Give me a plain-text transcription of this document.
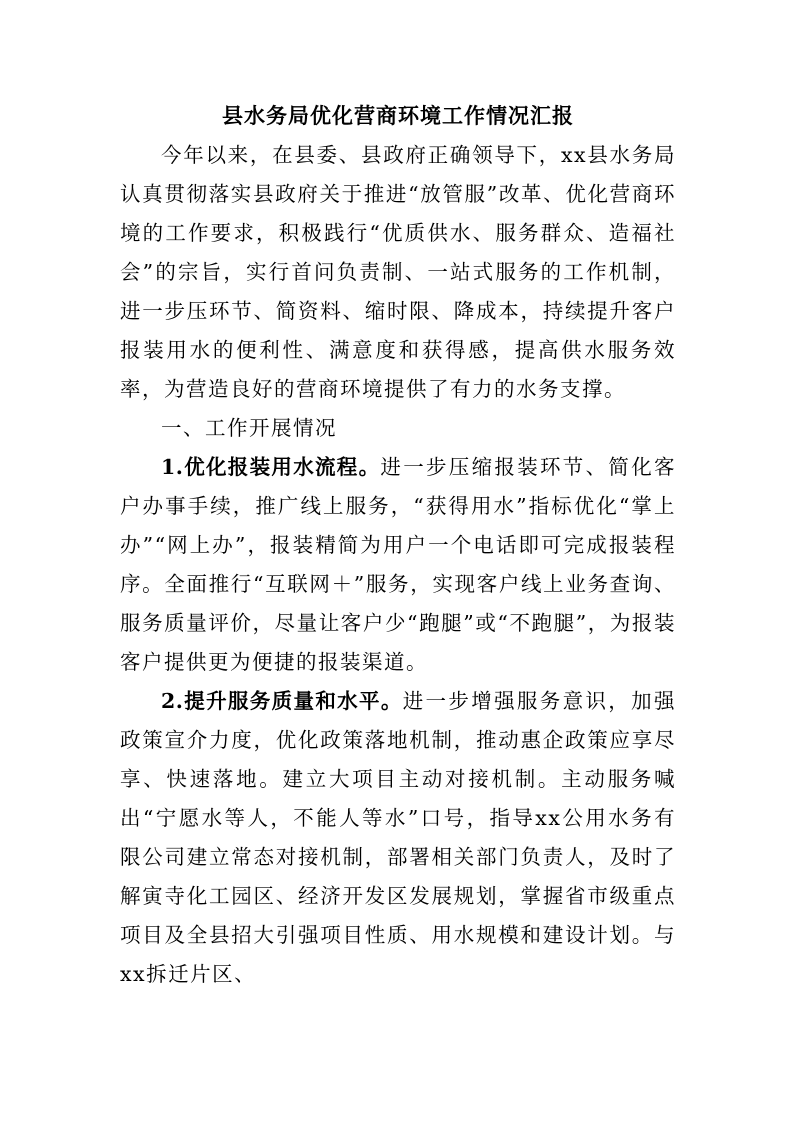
县水务局优化营商环境工作情况汇报

今年以来，在县委、县政府正确领导下，xx县水务局认真贯彻落实县政府关于推进“放管服”改革、优化营商环境的工作要求，积极践行“优质供水、服务群众、造福社会”的宗旨，实行首问负责制、一站式服务的工作机制，进一步压环节、简资料、缩时限、降成本，持续提升客户报装用水的便利性、满意度和获得感，提高供水服务效率，为营造良好的营商环境提供了有力的水务支撑。

一、工作开展情况

1.优化报装用水流程。进一步压缩报装环节、简化客户办事手续，推广线上服务，“获得用水”指标优化“掌上办”“网上办”，报装精简为用户一个电话即可完成报装程序。全面推行“互联网＋”服务，实现客户线上业务查询、服务质量评价，尽量让客户少“跑腿”或“不跑腿”，为报装客户提供更为便捷的报装渠道。

2.提升服务质量和水平。进一步增强服务意识，加强政策宣介力度，优化政策落地机制，推动惠企政策应享尽享、快速落地。建立大项目主动对接机制。主动服务喊出“宁愿水等人，不能人等水”口号，指导xx公用水务有限公司建立常态对接机制，部署相关部门负责人，及时了解寅寺化工园区、经济开发区发展规划，掌握省市级重点项目及全县招大引强项目性质、用水规模和建设计划。与xx拆迁片区、
